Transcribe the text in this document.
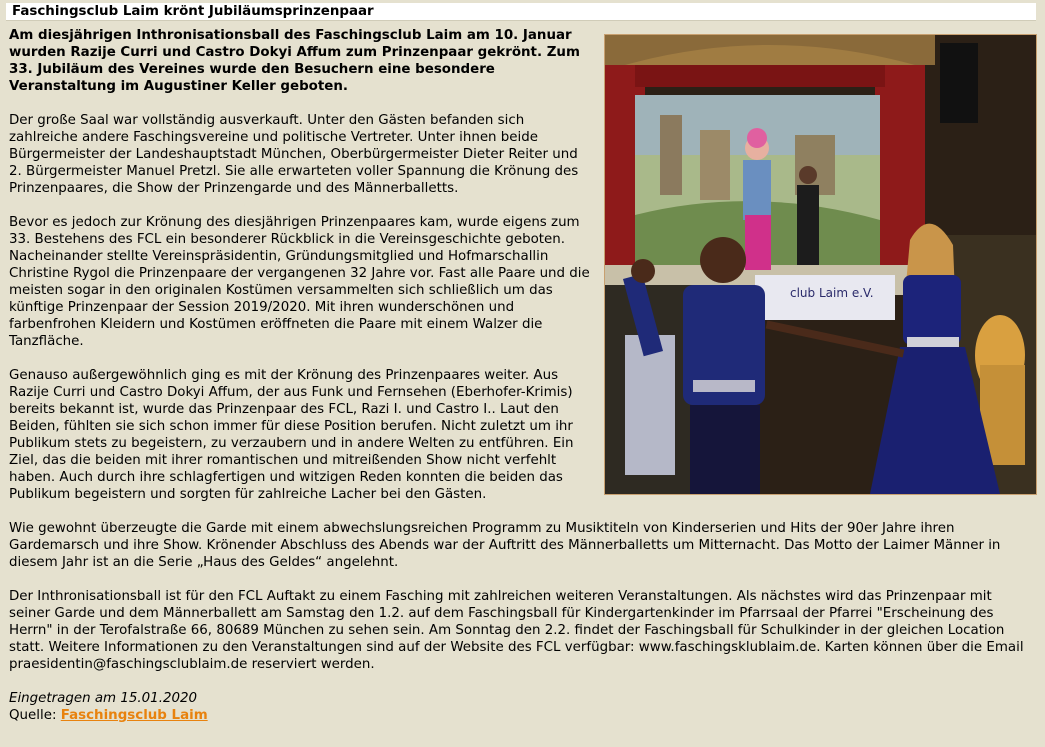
Faschingsclub Laim krönt Jubiläumsprinzenpaar
club Laim e.V.

Am diesjährigen Inthronisationsball des Faschingsclub Laim am 10. Januar wurden Razije Curri und Castro Dokyi Affum zum Prinzenpaar gekrönt. Zum 33. Jubiläum des Vereines wurde den Besuchern eine besondere Veranstaltung im Augustiner Keller geboten.

Der große Saal war vollständig ausverkauft. Unter den Gästen befanden sich zahlreiche andere Faschingsvereine und politische Vertreter. Unter ihnen beide Bürgermeister der Landeshauptstadt München, Oberbürgermeister Dieter Reiter und 2. Bürgermeister Manuel Pretzl. Sie alle erwarteten voller Spannung die Krönung des Prinzenpaares, die Show der Prinzengarde und des Männerballetts.

Bevor es jedoch zur Krönung des diesjährigen Prinzenpaares kam, wurde eigens zum 33. Bestehens des FCL ein besonderer Rückblick in die Vereinsgeschichte geboten. Nacheinander stellte Vereinspräsidentin, Gründungsmitglied und Hofmarschallin Christine Rygol die Prinzenpaare der vergangenen 32 Jahre vor. Fast alle Paare und die meisten sogar in den originalen Kostümen versammelten sich schließlich um das künftige Prinzenpaar der Session 2019/2020. Mit ihren wunderschönen und farbenfrohen Kleidern und Kostümen eröffneten die Paare mit einem Walzer die Tanzfläche.

Genauso außergewöhnlich ging es mit der Krönung des Prinzenpaares weiter. Aus Razije Curri und Castro Dokyi Affum, der aus Funk und Fernsehen (Eberhofer-Krimis) bereits bekannt ist, wurde das Prinzenpaar des FCL, Razi I. und Castro I.. Laut den Beiden, fühlten sie sich schon immer für diese Position berufen. Nicht zuletzt um ihr Publikum stets zu begeistern, zu verzaubern und in andere Welten zu entführen. Ein Ziel, das die beiden mit ihrer romantischen und mitreißenden Show nicht verfehlt haben. Auch durch ihre schlagfertigen und witzigen Reden konnten die beiden das Publikum begeistern und sorgten für zahlreiche Lacher bei den Gästen.

Wie gewohnt überzeugte die Garde mit einem abwechslungsreichen Programm zu Musiktiteln von Kinderserien und Hits der 90er Jahre ihren Gardemarsch und ihre Show. Krönender Abschluss des Abends war der Auftritt des Männerballetts um Mitternacht. Das Motto der Laimer Männer in diesem Jahr ist an die Serie „Haus des Geldes“ angelehnt.

Der Inthronisationsball ist für den FCL Auftakt zu einem Fasching mit zahlreichen weiteren Veranstaltungen. Als nächstes wird das Prinzenpaar mit seiner Garde und dem Männerballett am Samstag den 1.2. auf dem Faschingsball für Kindergartenkinder im Pfarrsaal der Pfarrei "Erscheinung des Herrn" in der Terofalstraße 66, 80689 München zu sehen sein. Am Sonntag den 2.2. findet der Faschingsball für Schulkinder in der gleichen Location statt. Weitere Informationen zu den Veranstaltungen sind auf der Website des FCL verfügbar: www.faschingsklublaim.de. Karten können über die Email praesidentin@faschingsclublaim.de reserviert werden.

Eingetragen am 15.01.2020

Quelle: Faschingsclub Laim
